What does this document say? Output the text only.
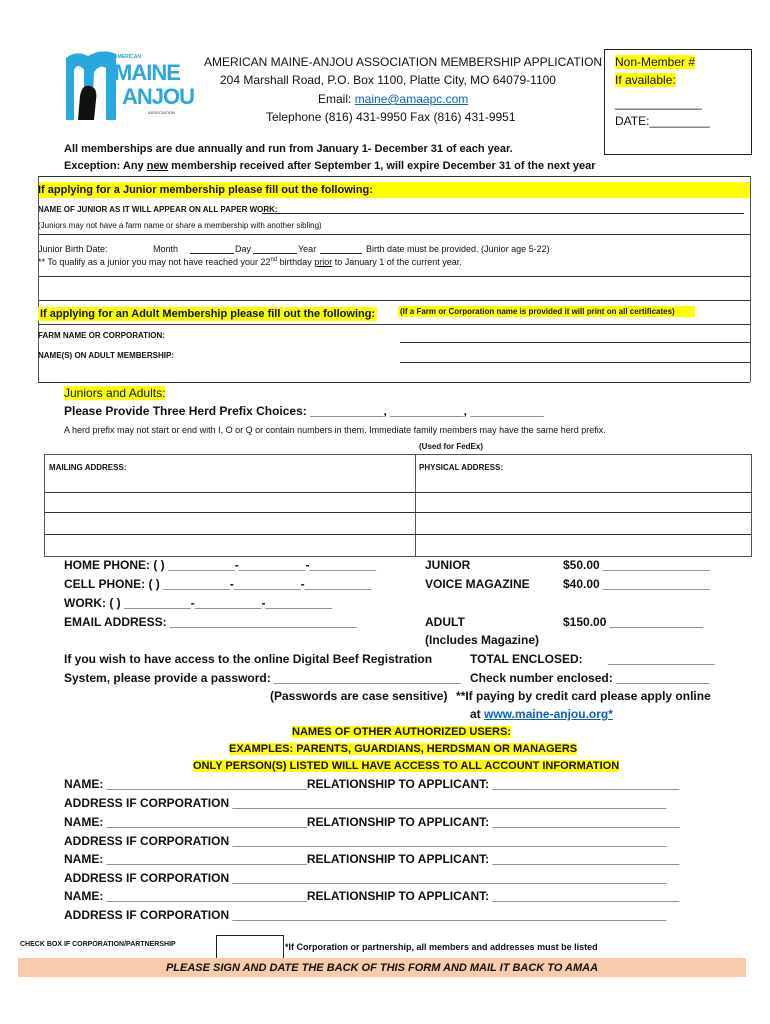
AMERICAN
MAINE
ANJOU
ASSOCIATION
AMERICAN MAINE-ANJOU ASSOCIATION MEMBERSHIP APPLICATION
204 Marshall Road, P.O. Box 1100, Platte City, MO 64079-1100
Email: maine@amaapc.com
Telephone (816) 431-9950 Fax (816) 431-9951
Non-Member #
If available:
_____________
DATE:_________
All memberships are due annually and run from January 1- December 31 of each year.
Exception: Any new membership received after September 1, will expire December 31 of the next year
If applying for a Junior membership please fill out the following:
NAME OF JUNIOR AS IT WILL APPEAR ON ALL PAPER WORK:
(Juniors may not have a farm name or share a membership with another sibling)
Junior Birth Date:	Month	Day	Year	Birth date must be provided. (Junior age 5-22)
** To qualify as a junior you may not have reached your 22nd birthday prior to January 1 of the current year.
If applying for an Adult Membership please fill out the following:	(If a Farm or Corporation name is provided it will print on all certificates)
FARM NAME OR CORPORATION:
NAME(S) ON ADULT MEMBERSHIP:
Juniors and Adults:
Please Provide Three Herd Prefix Choices: ___________, ___________, ___________
A herd prefix may not start or end with I, O or Q or contain numbers in them. Immediate family members may have the same herd prefix.
(Used for FedEx)
MAILING ADDRESS:	PHYSICAL ADDRESS:
HOME PHONE: ( ) __________-__________-__________
CELL PHONE: ( ) __________-__________-__________
WORK: ( ) __________-__________-__________
EMAIL ADDRESS: ____________________________
JUNIOR	$50.00 ________________
VOICE MAGAZINE	$40.00 ________________
ADULT	$150.00 ______________
(Includes Magazine)
If you wish to have access to the online Digital Beef Registration	TOTAL ENCLOSED: ________________
System, please provide a password: ____________________________ Check number enclosed: ______________
(Passwords are case sensitive) **If paying by credit card please apply online
at www.maine-anjou.org*
NAMES OF OTHER AUTHORIZED USERS:
EXAMPLES: PARENTS, GUARDIANS, HERDSMAN OR MANAGERS
ONLY PERSON(S) LISTED WILL HAVE ACCESS TO ALL ACCOUNT INFORMATION
NAME: ______________________________RELATIONSHIP TO APPLICANT: ____________________________
ADDRESS IF CORPORATION _________________________________________________________________
NAME: ______________________________RELATIONSHIP TO APPLICANT: ____________________________
ADDRESS IF CORPORATION _________________________________________________________________
NAME: ______________________________RELATIONSHIP TO APPLICANT: ____________________________
ADDRESS IF CORPORATION _________________________________________________________________
NAME: ______________________________RELATIONSHIP TO APPLICANT: ____________________________
ADDRESS IF CORPORATION _________________________________________________________________
CHECK BOX IF CORPORATION/PARTNERSHIP	*If Corporation or partnership, all members and addresses must be listed
PLEASE SIGN AND DATE THE BACK OF THIS FORM AND MAIL IT BACK TO AMAA
